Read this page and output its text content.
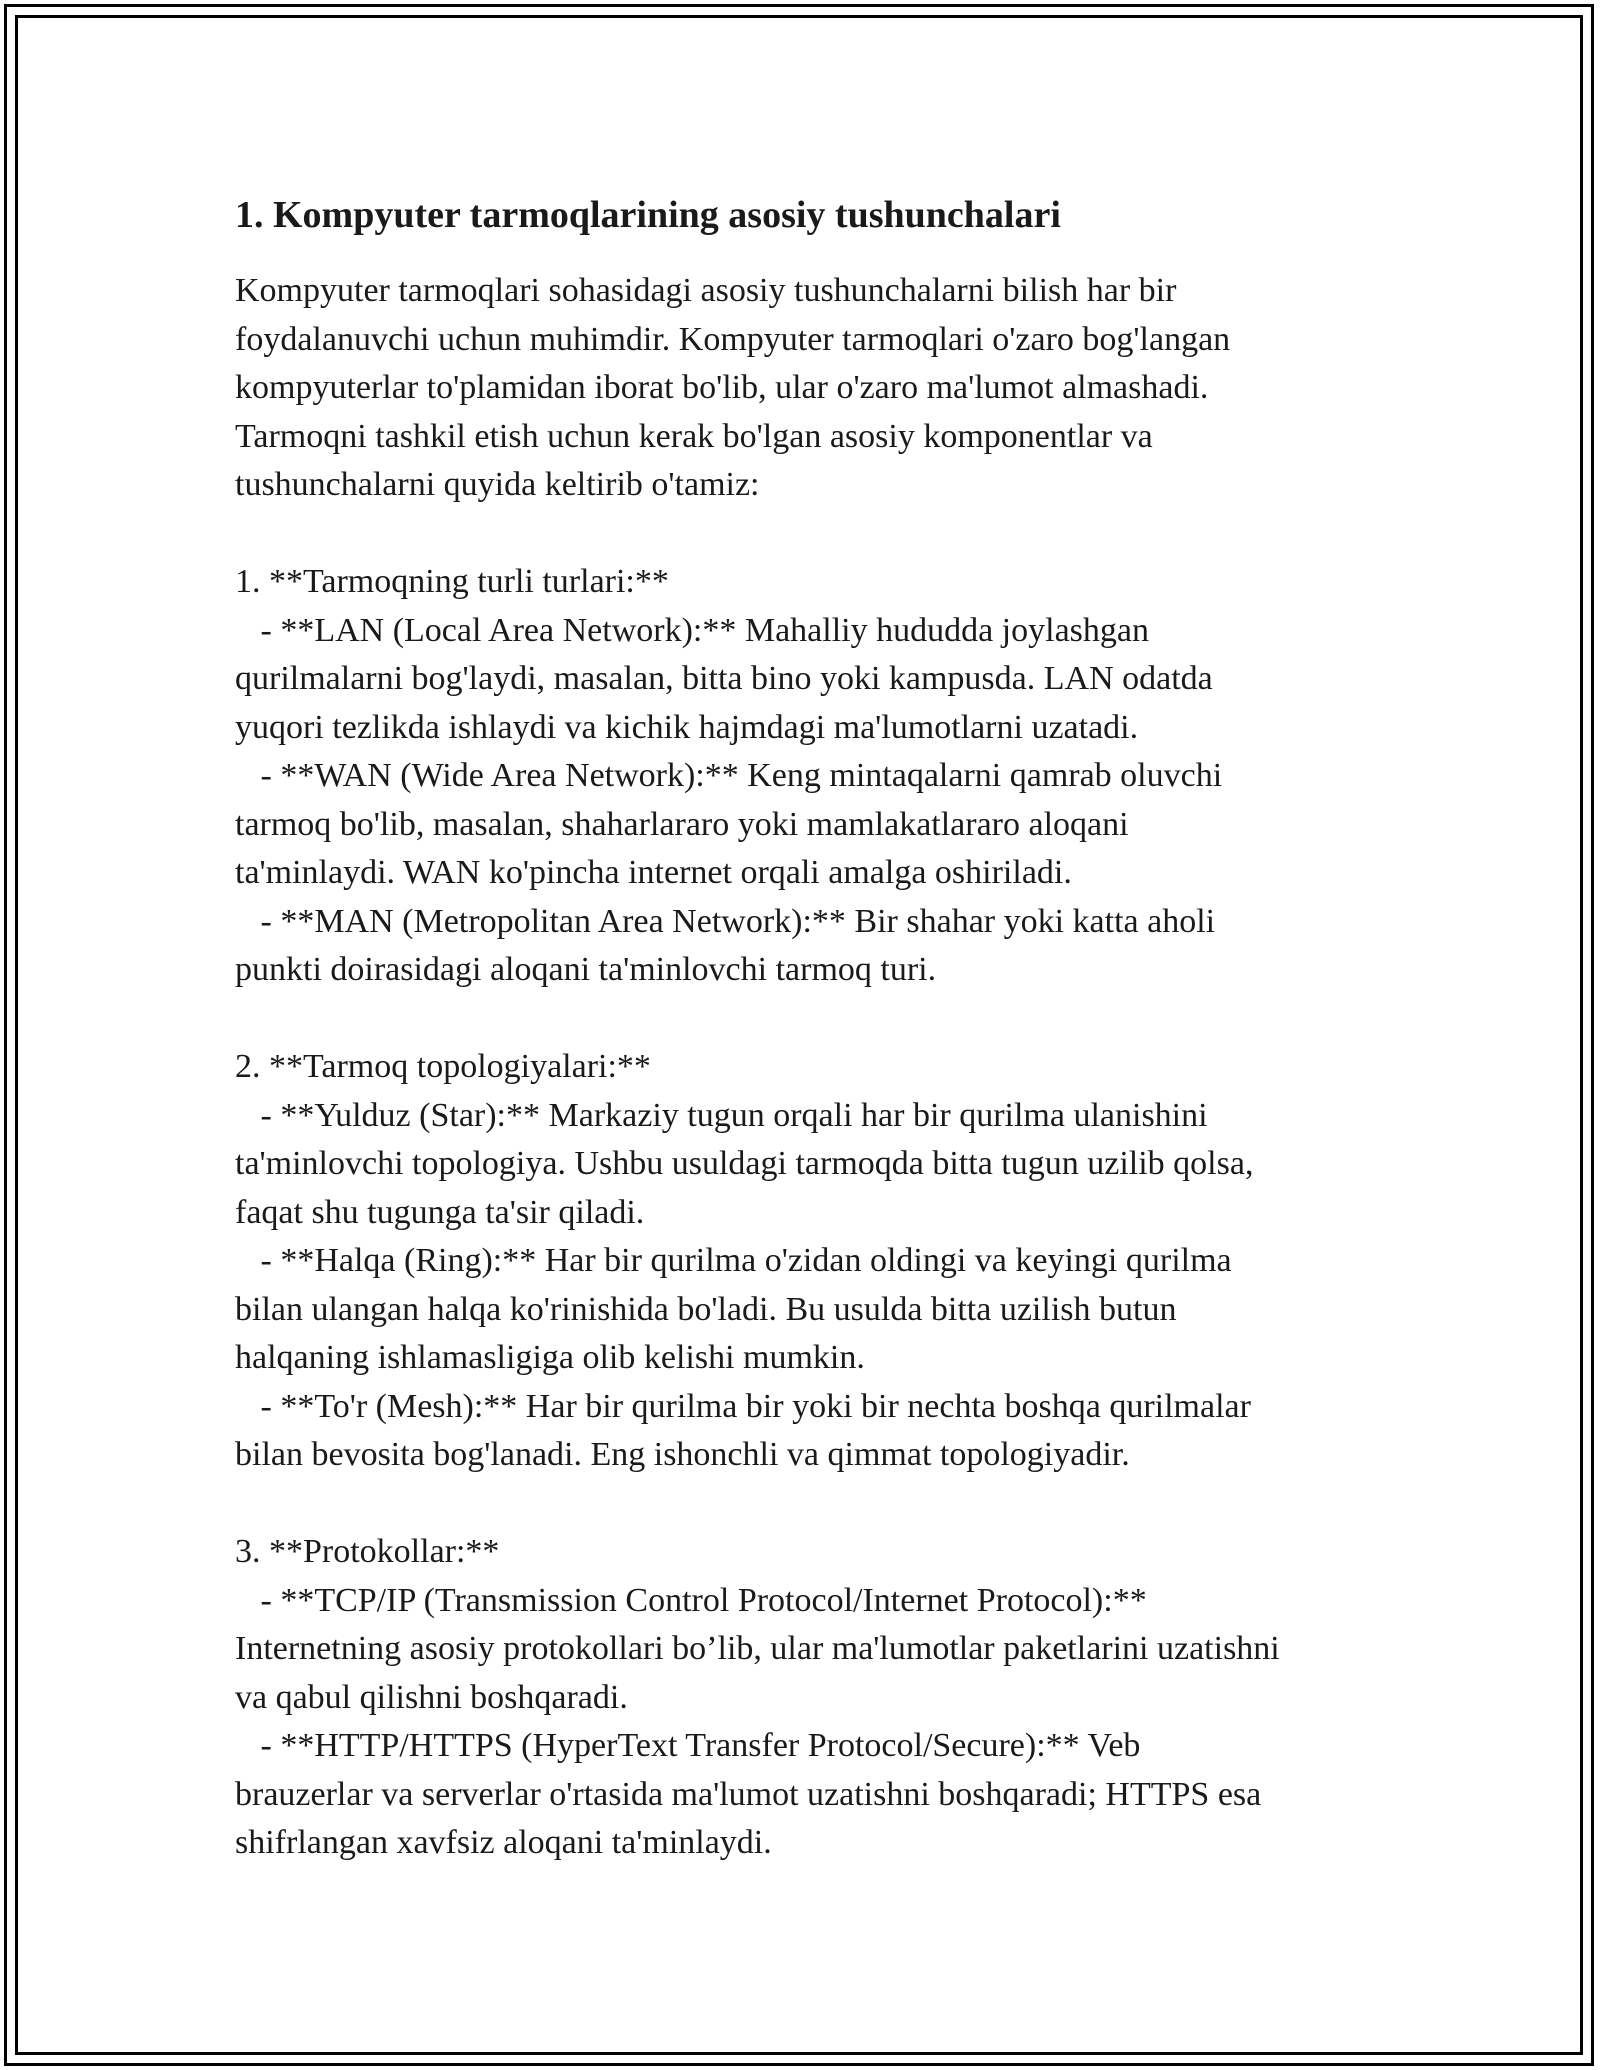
1. Kompyuter tarmoqlarining asosiy tushunchalari

Kompyuter tarmoqlari sohasidagi asosiy tushunchalarni bilish har bir
foydalanuvchi uchun muhimdir. Kompyuter tarmoqlari o'zaro bog'langan
kompyuterlar to'plamidan iborat bo'lib, ular o'zaro ma'lumot almashadi.
Tarmoqni tashkil etish uchun kerak bo'lgan asosiy komponentlar va
tushunchalarni quyida keltirib o'tamiz:

1. **Tarmoqning turli turlari:**
- **LAN (Local Area Network):** Mahalliy hududda joylashgan
qurilmalarni bog'laydi, masalan, bitta bino yoki kampusda. LAN odatda
yuqori tezlikda ishlaydi va kichik hajmdagi ma'lumotlarni uzatadi.
- **WAN (Wide Area Network):** Keng mintaqalarni qamrab oluvchi
tarmoq bo'lib, masalan, shaharlararo yoki mamlakatlararo aloqani
ta'minlaydi. WAN ko'pincha internet orqali amalga oshiriladi.
- **MAN (Metropolitan Area Network):** Bir shahar yoki katta aholi
punkti doirasidagi aloqani ta'minlovchi tarmoq turi.
2. **Tarmoq topologiyalari:**
- **Yulduz (Star):** Markaziy tugun orqali har bir qurilma ulanishini
ta'minlovchi topologiya. Ushbu usuldagi tarmoqda bitta tugun uzilib qolsa,
faqat shu tugunga ta'sir qiladi.
- **Halqa (Ring):** Har bir qurilma o'zidan oldingi va keyingi qurilma
bilan ulangan halqa ko'rinishida bo'ladi. Bu usulda bitta uzilish butun
halqaning ishlamasligiga olib kelishi mumkin.
- **To'r (Mesh):** Har bir qurilma bir yoki bir nechta boshqa qurilmalar
bilan bevosita bog'lanadi. Eng ishonchli va qimmat topologiyadir.
3. **Protokollar:**
- **TCP/IP (Transmission Control Protocol/Internet Protocol):**
Internetning asosiy protokollari bo’lib, ular ma'lumotlar paketlarini uzatishni
va qabul qilishni boshqaradi.
- **HTTP/HTTPS (HyperText Transfer Protocol/Secure):** Veb
brauzerlar va serverlar o'rtasida ma'lumot uzatishni boshqaradi; HTTPS esa
shifrlangan xavfsiz aloqani ta'minlaydi.
